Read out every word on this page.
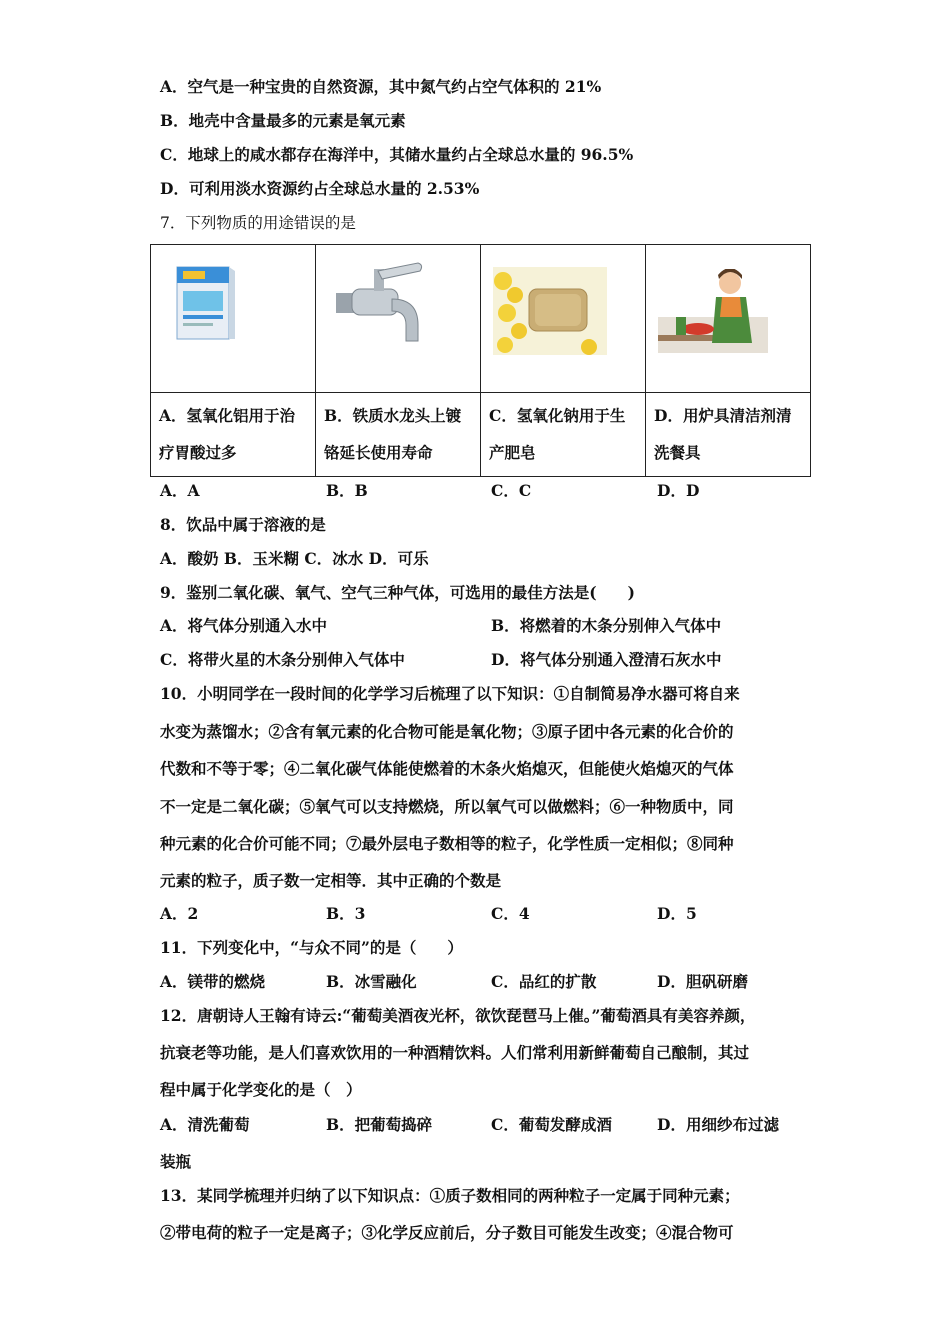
A．空气是一种宝贵的自然资源，其中氮气约占空气体积的 21%
B．地壳中含量最多的元素是氧元素
C．地球上的咸水都存在海洋中，其储水量约占全球总水量的 96.5%
D．可利用淡水资源约占全球总水量的 2.53%
7．下列物质的用途错误的是

A．氢氧化铝用于治疗胃酸过多	B．铁质水龙头上镀铬延长使用寿命	C．氢氧化钠用于生产肥皂	D．用炉具清洁剂清洗餐具
A．A	B．B	C．C	D．D
8．饮品中属于溶液的是
A．酸奶 B．玉米糊 C．冰水 D．可乐
9．鉴别二氧化碳、氧气、空气三种气体，可选用的最佳方法是(　　)
A．将气体分别通入水中	B．将燃着的木条分别伸入气体中
C．将带火星的木条分别伸入气体中	D．将气体分别通入澄清石灰水中
10．小明同学在一段时间的化学学习后梳理了以下知识：①自制简易净水器可将自来
水变为蒸馏水；②含有氧元素的化合物可能是氧化物；③原子团中各元素的化合价的
代数和不等于零；④二氧化碳气体能使燃着的木条火焰熄灭，但能使火焰熄灭的气体
不一定是二氧化碳；⑤氧气可以支持燃烧，所以氧气可以做燃料；⑥一种物质中，同
种元素的化合价可能不同；⑦最外层电子数相等的粒子，化学性质一定相似；⑧同种
元素的粒子，质子数一定相等．其中正确的个数是
A．2	B．3	C．4	D．5
11．下列变化中，“与众不同”的是（　　）
A．镁带的燃烧	B．冰雪融化	C．品红的扩散	D．胆矾研磨
12．唐朝诗人王翰有诗云:“葡萄美酒夜光杯，欲饮琵琶马上催。”葡萄酒具有美容养颜，
抗衰老等功能，是人们喜欢饮用的一种酒精饮料。人们常利用新鲜葡萄自己酿制，其过
程中属于化学变化的是（　）
A．清洗葡萄	B．把葡萄捣碎	C．葡萄发酵成酒	D．用细纱布过滤
装瓶
13．某同学梳理并归纳了以下知识点：①质子数相同的两种粒子一定属于同种元素；
②带电荷的粒子一定是离子；③化学反应前后，分子数目可能发生改变；④混合物可
